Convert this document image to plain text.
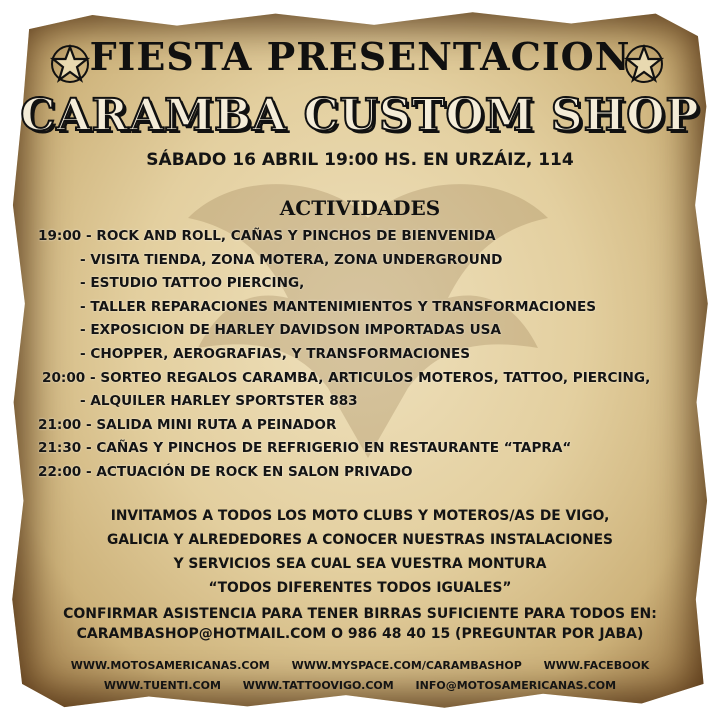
FIESTA PRESENTACION
CARAMBA CUSTOM SHOP
SÁBADO 16 ABRIL 19:00 HS. EN URZÁIZ, 114
ACTIVIDADES
19:00 - ROCK AND ROLL, CAÑAS Y PINCHOS DE BIENVENIDA
- VISITA TIENDA, ZONA MOTERA, ZONA UNDERGROUND
- ESTUDIO TATTOO PIERCING,
- TALLER REPARACIONES MANTENIMIENTOS Y TRANSFORMACIONES
- EXPOSICION DE HARLEY DAVIDSON IMPORTADAS USA
- CHOPPER, AEROGRAFIAS, Y TRANSFORMACIONES
20:00 - SORTEO REGALOS CARAMBA, ARTICULOS MOTEROS, TATTOO, PIERCING,
- ALQUILER HARLEY SPORTSTER 883
21:00 - SALIDA MINI RUTA A PEINADOR
21:30 - CAÑAS Y PINCHOS DE REFRIGERIO EN RESTAURANTE “TAPRA“
22:00 - ACTUACIÓN DE ROCK EN SALON PRIVADO
INVITAMOS A TODOS LOS MOTO CLUBS Y MOTEROS/AS DE VIGO,
GALICIA Y ALREDEDORES A CONOCER NUESTRAS INSTALACIONES
Y SERVICIOS SEA CUAL SEA VUESTRA MONTURA
“TODOS DIFERENTES TODOS IGUALES”
CONFIRMAR ASISTENCIA PARA TENER BIRRAS SUFICIENTE PARA TODOS EN:
CARAMBASHOP@HOTMAIL.COM O 986 48 40 15 (PREGUNTAR POR JABA)
WWW.MOTOSAMERICANAS.COM WWW.MYSPACE.COM/CARAMBASHOP WWW.FACEBOOK
WWW.TUENTI.COM WWW.TATTOOVIGO.COM INFO@MOTOSAMERICANAS.COM
